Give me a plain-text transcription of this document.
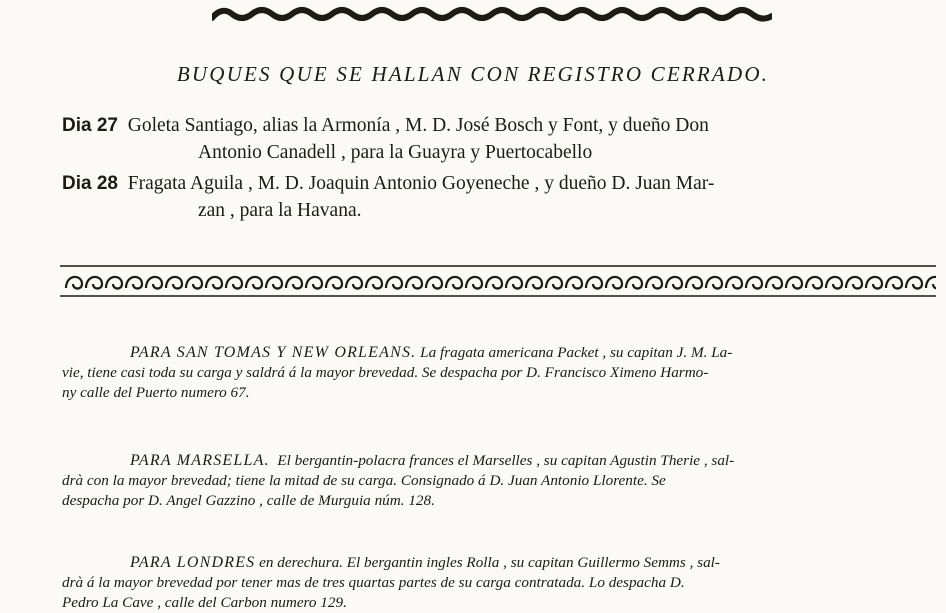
BUQUES QUE SE HALLAN CON REGISTRO CERRADO.

Dia 27 Goleta Santiago, alias la Armonía , M. D. José Bosch y Font, y dueño Don
Antonio Canadell , para la Guayra y Puertocabello

Dia 28 Fragata Aguila , M. D. Joaquin Antonio Goyeneche , y dueño D. Juan Mar-
zan , para la Havana.

PARA SAN TOMAS Y NEW ORLEANS. La fragata americana Packet , su capitan J. M. La-
vie, tiene casi toda su carga y saldrá á la mayor brevedad. Se despacha por D. Francisco Ximeno Harmo-
ny calle del Puerto numero 67.
PARA MARSELLA. El bergantin-polacra frances el Marselles , su capitan Agustin Therie , sal-
drà con la mayor brevedad; tiene la mitad de su carga. Consignado á D. Juan Antonio Llorente. Se
despacha por D. Angel Gazzino , calle de Murguia núm. 128.
PARA LONDRES en derechura. El bergantin ingles Rolla , su capitan Guillermo Semms , sal-
drà á la mayor brevedad por tener mas de tres quartas partes de su carga contratada. Lo despacha D.
Pedro La Cave , calle del Carbon numero 129.
